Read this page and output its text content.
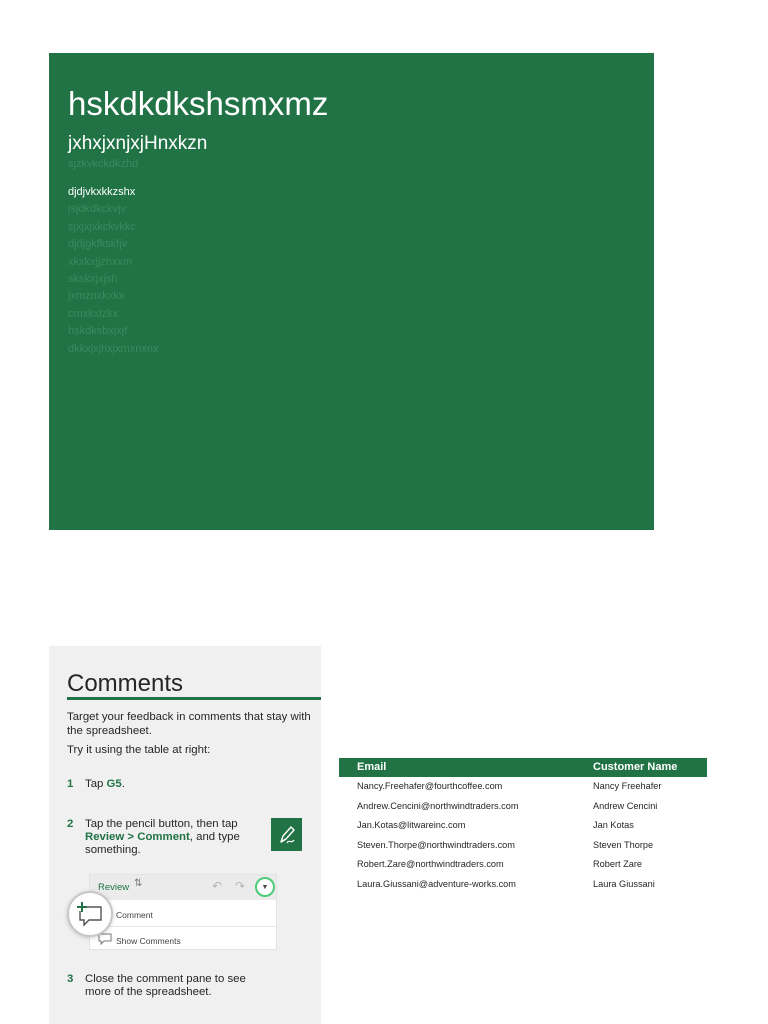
hskdkdkshsmxmz
jxhxjxnjxjHnxkzn
sjzkvkckdkzhd
djdjvkxkkzshx
jsjdkdkckvjv
sjxjxjxkckvkkc
djdjgkfkskfjv
xkxkxjjzhxxm
skskxjxjsh
jxmznxkxkx
cmxkxlzkx
hskdksbxjxjf
dkkxjxjhxjxmxnxnx
Comments
Target your feedback in comments that stay with the spreadsheet.
Try it using the table at right:
1	Tap G5.
2	Tap the pencil button, then tap Review > Comment, and type something.
Review ⇅	↶ ↷	▼
Comment
Show Comments
3	Close the comment pane to see more of the spreadsheet.
Email	Customer Name
Nancy.Freehafer@fourthcoffee.com	Nancy Freehafer
Andrew.Cencini@northwindtraders.com	Andrew Cencini
Jan.Kotas@litwareinc.com	Jan Kotas
Steven.Thorpe@northwindtraders.com	Steven Thorpe
Robert.Zare@northwindtraders.com	Robert Zare
Laura.Giussani@adventure-works.com	Laura Giussani
